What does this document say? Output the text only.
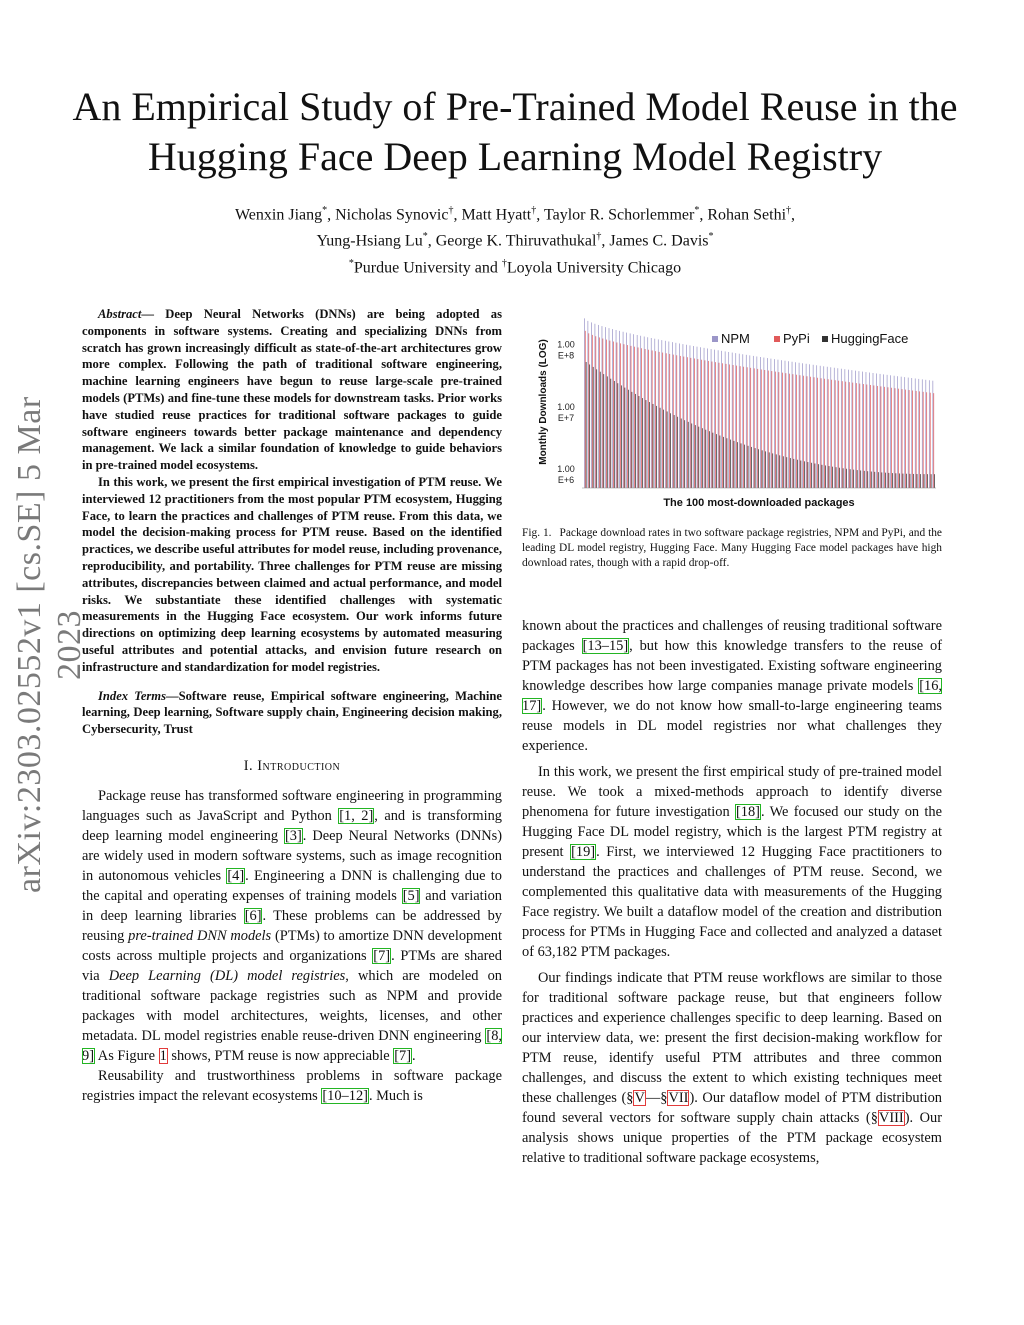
arXiv:2303.02552v1 [cs.SE] 5 Mar 2023
An Empirical Study of Pre-Trained Model Reuse in the Hugging Face Deep Learning Model Registry
Wenxin Jiang*, Nicholas Synovic†, Matt Hyatt†, Taylor R. Schorlemmer*, Rohan Sethi†,
Yung-Hsiang Lu*, George K. Thiruvathukal†, James C. Davis*
*Purdue University and †Loyola University Chicago

Abstract— Deep Neural Networks (DNNs) are being adopted as components in software systems. Creating and specializing DNNs from scratch has grown increasingly difficult as state-of-the-art architectures grow more complex. Following the path of traditional software engineering, machine learning engineers have begun to reuse large-scale pre-trained models (PTMs) and fine-tune these models for downstream tasks. Prior works have studied reuse practices for traditional software packages to guide software engineers towards better package maintenance and dependency management. We lack a similar foundation of knowledge to guide behaviors in pre-trained model ecosystems.

In this work, we present the first empirical investigation of PTM reuse. We interviewed 12 practitioners from the most popular PTM ecosystem, Hugging Face, to learn the practices and challenges of PTM reuse. From this data, we model the decision-making process for PTM reuse. Based on the identified practices, we describe useful attributes for model reuse, including provenance, reproducibility, and portability. Three challenges for PTM reuse are missing attributes, discrepancies between claimed and actual performance, and model risks. We substantiate these identified challenges with systematic measurements in the Hugging Face ecosystem. Our work informs future directions on optimizing deep learning ecosystems by automated measuring useful attributes and potential attacks, and envision future research on infrastructure and standardization for model registries.

Index Terms—Software reuse, Empirical software engineering, Machine learning, Deep learning, Software supply chain, Engineering decision making, Cybersecurity, Trust
I. Introduction

Package reuse has transformed software engineering in programming languages such as JavaScript and Python [1, 2], and is transforming deep learning model engineering [3]. Deep Neural Networks (DNNs) are widely used in modern software systems, such as image recognition in autonomous vehicles [4]. Engineering a DNN is challenging due to the capital and operating expenses of training models [5] and variation in deep learning libraries [6]. These problems can be addressed by reusing pre-trained DNN models (PTMs) to amortize DNN development costs across multiple projects and organizations [7]. PTMs are shared via Deep Learning (DL) model registries, which are modeled on traditional software package registries such as NPM and provide packages with model architectures, weights, licenses, and other metadata. DL model registries enable reuse-driven DNN engineering [8, 9] As Figure 1 shows, PTM reuse is now appreciable [7].

Reusability and trustworthiness problems in software package registries impact the relevant ecosystems [10–12]. Much is

Monthly Downloads (LOG)
1.00
E+6
1.00
E+7
1.00
E+8
The 100 most-downloaded packages
NPM	PyPi HuggingFace
Fig. 1. Package download rates in two software package registries, NPM and PyPi, and the leading DL model registry, Hugging Face. Many Hugging Face model packages have high download rates, though with a rapid drop-off.

known about the practices and challenges of reusing traditional software packages [13–15], but how this knowledge transfers to the reuse of PTM packages has not been investigated. Existing software engineering knowledge describes how large companies manage private models [16, 17]. However, we do not know how small-to-large engineering teams reuse models in DL model registries nor what challenges they experience.

In this work, we present the first empirical study of pre-trained model reuse. We took a mixed-methods approach to identify diverse phenomena for future investigation [18]. We focused our study on the Hugging Face DL model registry, which is the largest PTM registry at present [19]. First, we interviewed 12 Hugging Face practitioners to understand the practices and challenges of PTM reuse. Second, we complemented this qualitative data with measurements of the Hugging Face registry. We built a dataflow model of the creation and distribution process for PTMs in Hugging Face and collected and analyzed a dataset of 63,182 PTM packages.

Our findings indicate that PTM reuse workflows are similar to those for traditional software package reuse, but that engineers follow practices and experience challenges specific to deep learning. Based on our interview data, we: present the first decision-making workflow for PTM reuse, identify useful PTM attributes and three common challenges, and discuss the extent to which existing techniques meet these challenges (§V—§VII). Our dataflow model of PTM distribution found several vectors for software supply chain attacks (§VIII). Our analysis shows unique properties of the PTM package ecosystem relative to traditional software package ecosystems,
